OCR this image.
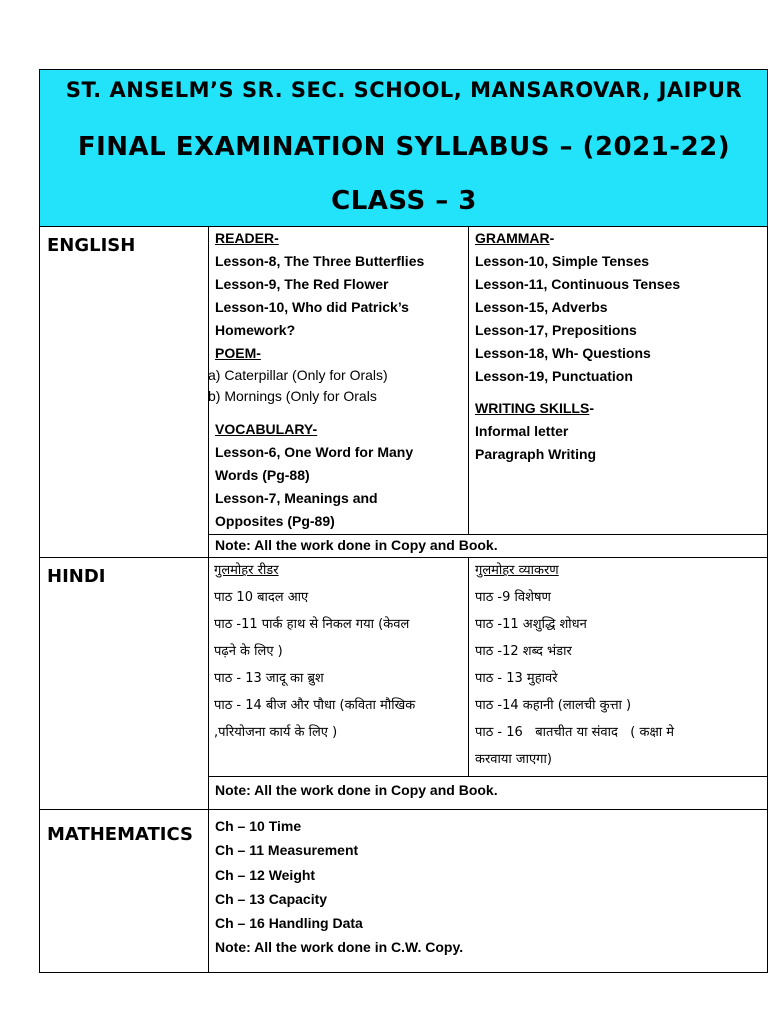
ST. ANSELM’S SR. SEC. SCHOOL, MANSAROVAR, JAIPUR
FINAL EXAMINATION SYLLABUS – (2021-22)
CLASS – 3
ENGLISH	READER-
Lesson-8, The Three Butterflies
Lesson-9, The Red Flower
Lesson-10, Who did Patrick’s
Homework?
POEM-
a) Caterpillar (Only for Orals)
b) Mornings (Only for Orals
VOCABULARY-
Lesson-6, One Word for Many
Words (Pg-88)
Lesson-7, Meanings and
Opposites (Pg-89)
GRAMMAR-
Lesson-10, Simple Tenses
Lesson-11, Continuous Tenses
Lesson-15, Adverbs
Lesson-17, Prepositions
Lesson-18, Wh- Questions
Lesson-19, Punctuation
WRITING SKILLS-
Informal letter
Paragraph Writing
Note: All the work done in Copy and Book.
HINDI	गुलमोहर रीडर
पाठ 10 बादल आए
पाठ -11 पार्क हाथ से निकल गया (केवल
पढ़ने के लिए )
पाठ - 13 जादू का ब्रुश
पाठ - 14 बीज और पौधा (कविता मौखिक
,परियोजना कार्य के लिए )
गुलमोहर व्याकरण
पाठ -9 विशेषण
पाठ -11 अशुद्धि शोधन
पाठ -12 शब्द भंडार
पाठ - 13 मुहावरे
पाठ -14 कहानी (लालची कुत्ता )
पाठ - 16   बातचीत या संवाद   ( कक्षा मे
करवाया जाएगा)
Note: All the work done in Copy and Book.
MATHEMATICS Ch – 10 Time
Ch – 11 Measurement
Ch – 12 Weight
Ch – 13 Capacity
Ch – 16 Handling Data
Note: All the work done in C.W. Copy.
